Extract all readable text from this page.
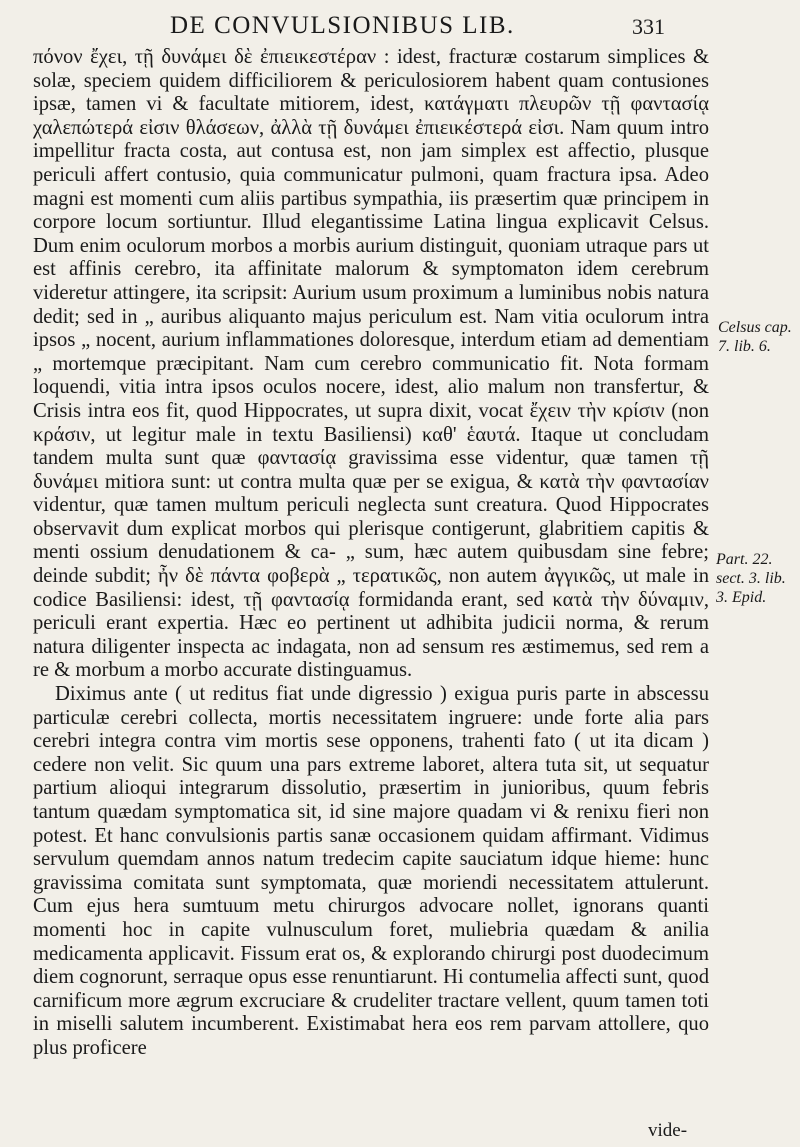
DE CONVULSIONIBUS LIB.	331

πόνον ἔχει, τῇ δυνάμει δὲ ἐπιεικεστέραν : idest, fracturæ costarum simplices & solæ, speciem quidem difficiliorem & periculosiorem habent quam contusiones ipsæ, tamen vi & facultate mitiorem, idest, κατάγματι πλευρῶν τῇ φαντασίᾳ χαλεπώτερά εἰσιν θλάσεων, ἀλλὰ τῇ δυνάμει ἐπιεικέστερά εἰσι. Nam quum intro impellitur fracta costa, aut contusa est, non jam simplex est affectio, plusque periculi affert contusio, quia communicatur pulmoni, quam fractura ipsa. Adeo magni est momenti cum aliis partibus sympathia, iis præsertim quæ principem in corpore locum sortiuntur. Illud elegantissime Latina lingua explicavit Celsus. Dum enim oculorum morbos a morbis aurium distinguit, quoniam utraque pars ut est affinis cerebro, ita affinitate malorum & symptomaton idem cerebrum videretur attingere, ita scripsit: Aurium usum proximum a luminibus nobis natura dedit; sed in „ auribus aliquanto majus periculum est. Nam vitia oculorum intra ipsos „ nocent, aurium inflammationes doloresque, interdum etiam ad dementiam „ mortemque præcipitant. Nam cum cerebro communicatio fit. Nota formam loquendi, vitia intra ipsos oculos nocere, idest, alio malum non transfertur, & Crisis intra eos fit, quod Hippocrates, ut supra dixit, vocat ἔχειν τὴν κρίσιν (non κράσιν, ut legitur male in textu Basiliensi) καθ' ἑαυτά. Itaque ut concludam tandem multa sunt quæ φαντασίᾳ gravissima esse videntur, quæ tamen τῇ δυνάμει mitiora sunt: ut contra multa quæ per se exigua, & κατὰ τὴν φαντασίαν videntur, quæ tamen multum periculi neglecta sunt creatura. Quod Hippocrates observavit dum explicat morbos qui plerisque contigerunt, glabritiem capitis & menti ossium denudationem & ca- „ sum, hæc autem quibusdam sine febre; deinde subdit; ἦν δὲ πάντα φοβερὰ „ τερατικῶς, non autem ἀγγικῶς, ut male in codice Basiliensi: idest, τῇ φαντασίᾳ formidanda erant, sed κατὰ τὴν δύναμιν, periculi erant expertia. Hæc eo pertinent ut adhibita judicii norma, & rerum natura diligenter inspecta ac indagata, non ad sensum res æstimemus, sed rem a re & morbum a morbo accurate distinguamus.

Diximus ante ( ut reditus fiat unde digressio ) exigua puris parte in abscessu particulæ cerebri collecta, mortis necessitatem ingruere: unde forte alia pars cerebri integra contra vim mortis sese opponens, trahenti fato ( ut ita dicam ) cedere non velit. Sic quum una pars extreme laboret, altera tuta sit, ut sequatur partium alioqui integrarum dissolutio, præsertim in junioribus, quum febris tantum quædam symptomatica sit, id sine majore quadam vi & renixu fieri non potest. Et hanc convulsionis partis sanæ occasionem quidam affirmant. Vidimus servulum quemdam annos natum tredecim capite sauciatum idque hieme: hunc gravissima comitata sunt symptomata, quæ moriendi necessitatem attulerunt. Cum ejus hera sumtuum metu chirurgos advocare nollet, ignorans quanti momenti hoc in capite vulnusculum foret, muliebria quædam & anilia medicamenta applicavit. Fissum erat os, & explorando chirurgi post duodecimum diem cognorunt, serraque opus esse renuntiarunt. Hi contumelia affecti sunt, quod carnificum more ægrum excruciare & crudeliter tractare vellent, quum tamen toti in miselli salutem incumberent. Existimabat hera eos rem parvam attollere, quo plus proficere

Celsus cap. 7. lib. 6.
Part. 22. sect. 3. lib. 3. Epid.
vide-
